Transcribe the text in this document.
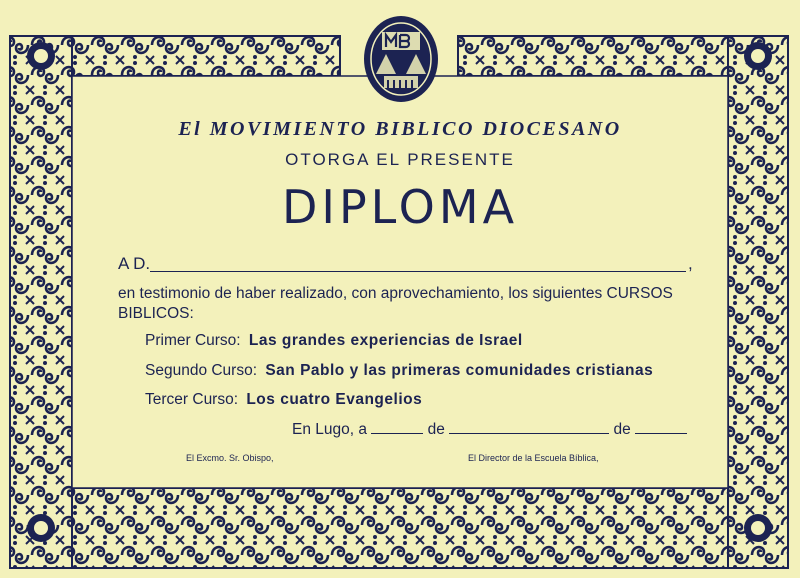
El MOVIMIENTO BIBLICO DIOCESANO
OTORGA EL PRESENTE
DIPLOMA
A D.	,
en testimonio de haber realizado, con aprovechamiento, los siguientes CURSOS BIBLICOS:
Primer Curso: Las grandes experiencias de Israel
Segundo Curso: San Pablo y las primeras comunidades cristianas
Tercer Curso: Los cuatro Evangelios
En Lugo, a	de	de
El Excmo. Sr. Obispo,	El Director de la Escuela Bíblica,
